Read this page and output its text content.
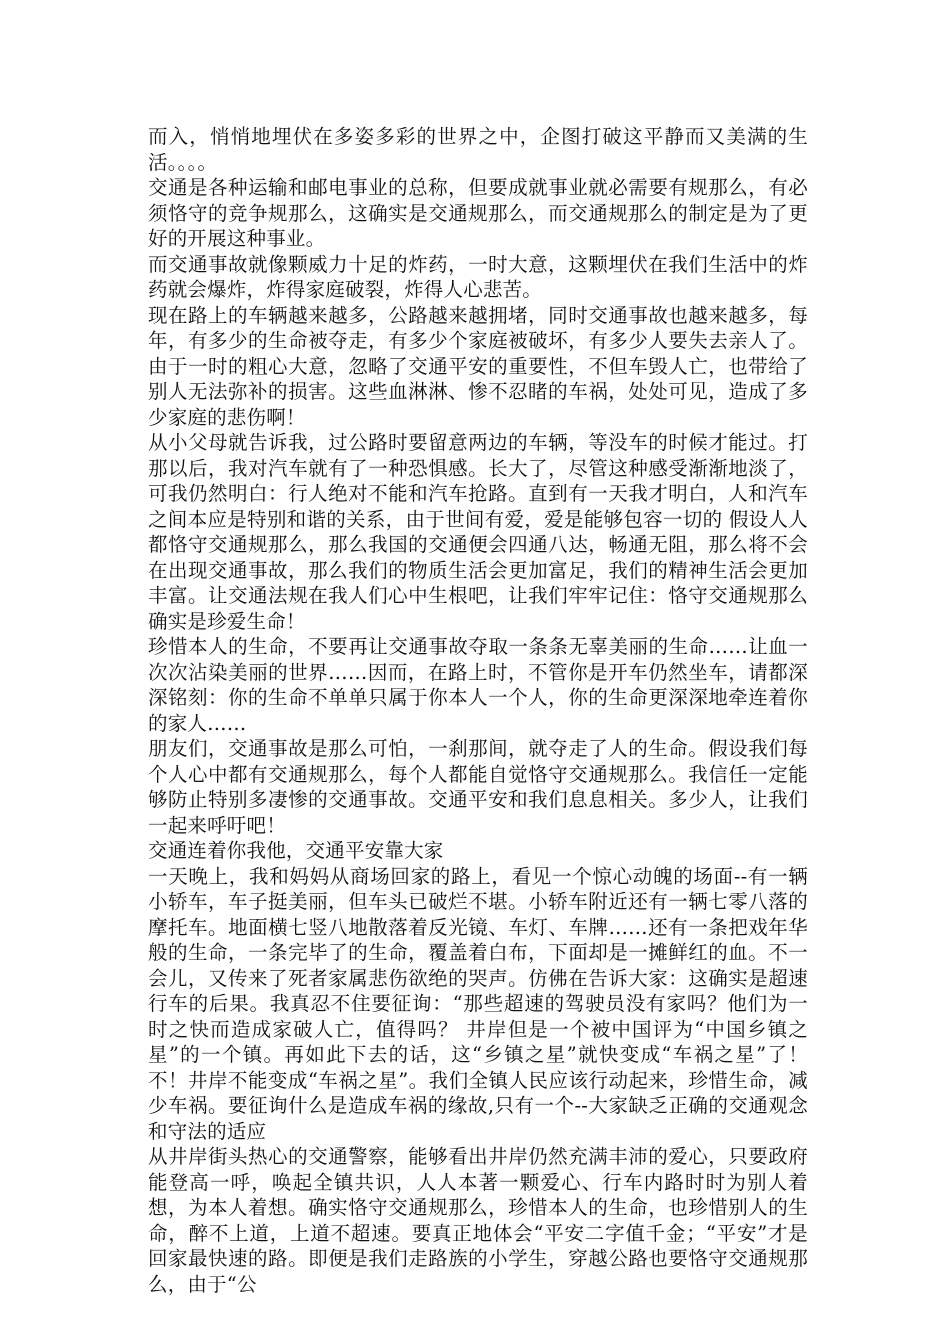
而入，悄悄地埋伏在多姿多彩的世界之中，企图打破这平静而又美满的生活。。。。

交通是各种运输和邮电事业的总称，但要成就事业就必需要有规那么，有必须恪守的竞争规那么，这确实是交通规那么，而交通规那么的制定是为了更好的开展这种事业。

而交通事故就像颗威力十足的炸药，一时大意，这颗埋伏在我们生活中的炸药就会爆炸，炸得家庭破裂，炸得人心悲苦。

现在路上的车辆越来越多，公路越来越拥堵，同时交通事故也越来越多，每年，有多少的生命被夺走，有多少个家庭被破坏，有多少人要失去亲人了。由于一时的粗心大意，忽略了交通平安的重要性，不但车毁人亡，也带给了别人无法弥补的损害。这些血淋淋、惨不忍睹的车祸，处处可见，造成了多少家庭的悲伤啊！

从小父母就告诉我，过公路时要留意两边的车辆，等没车的时候才能过。打那以后，我对汽车就有了一种恐惧感。长大了，尽管这种感受渐渐地淡了，可我仍然明白：行人绝对不能和汽车抢路。直到有一天我才明白，人和汽车之间本应是特别和谐的关系，由于世间有爱，爱是能够包容一切的 假设人人都恪守交通规那么，那么我国的交通便会四通八达，畅通无阻，那么将不会在出现交通事故，那么我们的物质生活会更加富足，我们的精神生活会更加丰富。让交通法规在我人们心中生根吧，让我们牢牢记住：恪守交通规那么确实是珍爱生命！

珍惜本人的生命，不要再让交通事故夺取一条条无辜美丽的生命……让血一次次沾染美丽的世界……因而，在路上时，不管你是开车仍然坐车，请都深深铭刻：你的生命不单单只属于你本人一个人，你的生命更深深地牵连着你的家人……

朋友们，交通事故是那么可怕，一刹那间，就夺走了人的生命。假设我们每个人心中都有交通规那么，每个人都能自觉恪守交通规那么。我信任一定能够防止特别多凄惨的交通事故。交通平安和我们息息相关。多少人，让我们一起来呼吁吧！

交通连着你我他，交通平安靠大家

一天晚上，我和妈妈从商场回家的路上，看见一个惊心动魄的场面--有一辆小轿车，车子挺美丽，但车头已破烂不堪。小轿车附近还有一辆七零八落的摩托车。地面横七竖八地散落着反光镜、车灯、车牌……还有一条把戏年华般的生命，一条完毕了的生命，覆盖着白布，下面却是一摊鲜红的血。不一会儿，又传来了死者家属悲伤欲绝的哭声。仿佛在告诉大家：这确实是超速行车的后果。我真忍不住要征询：“那些超速的驾驶员没有家吗？他们为一时之快而造成家破人亡，值得吗？ 井岸但是一个被中国评为“中国乡镇之星”的一个镇。再如此下去的话，这“乡镇之星”就快变成“车祸之星”了！ 不！井岸不能变成“车祸之星”。我们全镇人民应该行动起来，珍惜生命，减少车祸。要征询什么是造成车祸的缘故,只有一个--大家缺乏正确的交通观念和守法的适应

从井岸街头热心的交通警察，能够看出井岸仍然充满丰沛的爱心，只要政府能登高一呼，唤起全镇共识，人人本著一颗爱心、行车内路时时为别人着想，为本人着想。确实恪守交通规那么，珍惜本人的生命，也珍惜别人的生命，醉不上道，上道不超速。要真正地体会“平安二字值千金；“平安”才是回家最快速的路。即便是我们走路族的小学生，穿越公路也要恪守交通规那么，由于“公
